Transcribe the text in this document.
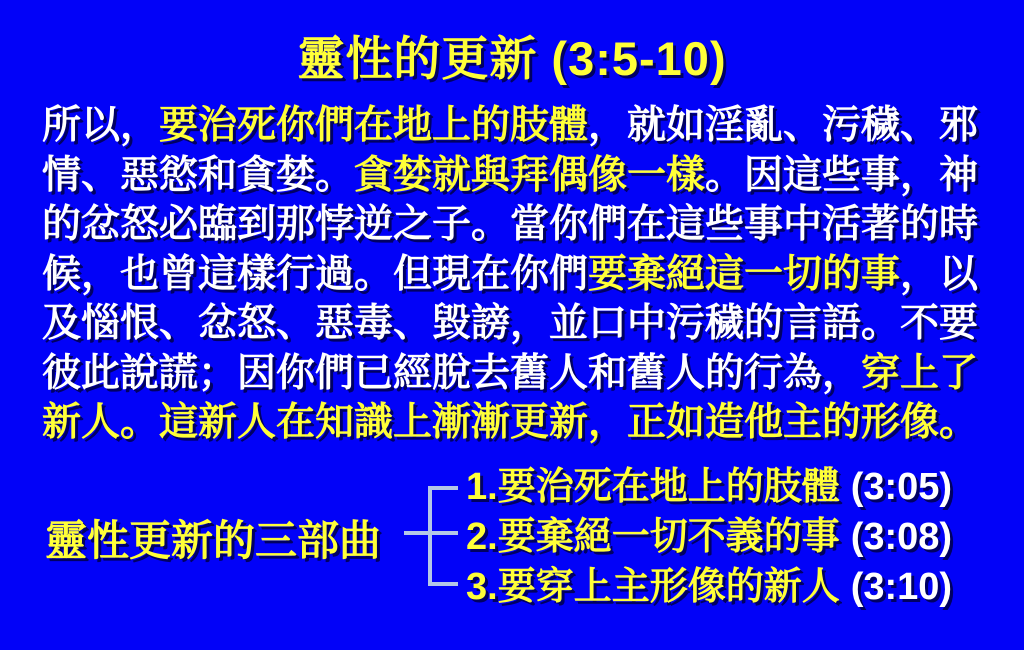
靈性的更新 (3:5-10)
所以，要治死你們在地上的肢體，就如淫亂、污穢、邪
情、惡慾和貪婪。貪婪就與拜偶像一樣。因這些事，神
的忿怒必臨到那悖逆之子。當你們在這些事中活著的時
候，也曾這樣行過。但現在你們要棄絕這一切的事，以
及惱恨、忿怒、惡毒、毀謗，並口中污穢的言語。不要
彼此說謊；因你們已經脫去舊人和舊人的行為，穿上了
新人。這新人在知識上漸漸更新，正如造他主的形像。
靈性更新的三部曲
1.要治死在地上的肢體 (3:05)
2.要棄絕一切不義的事 (3:08)
3.要穿上主形像的新人 (3:10)
